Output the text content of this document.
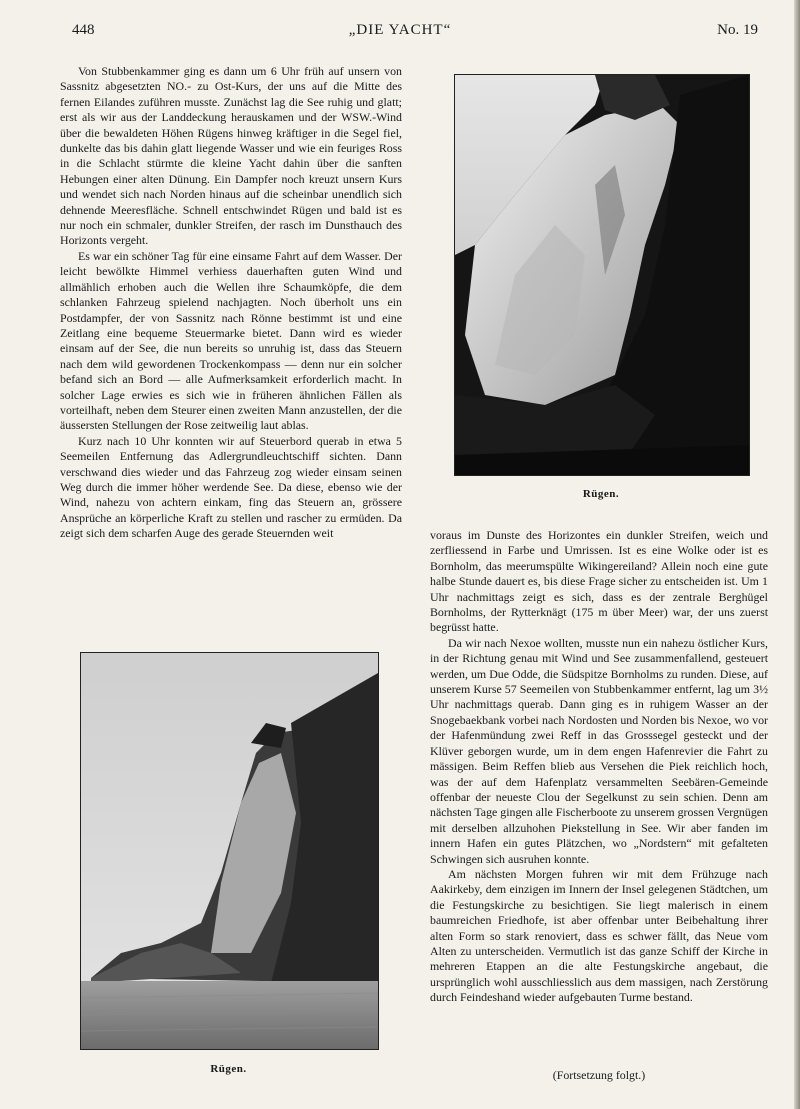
448	„DIE YACHT“	No. 19

Von Stubbenkammer ging es dann um 6 Uhr früh auf unsern von Sassnitz abgesetzten NO.- zu Ost-Kurs, der uns auf die Mitte des fernen Eilandes zuführen musste. Zunächst lag die See ruhig und glatt; erst als wir aus der Landdeckung herauskamen und der WSW.-Wind über die bewaldeten Höhen Rügens hinweg kräftiger in die Segel fiel, dunkelte das bis dahin glatt liegende Wasser und wie ein feuriges Ross in die Schlacht stürmte die kleine Yacht dahin über die sanften Hebungen einer alten Dünung. Ein Dampfer noch kreuzt unsern Kurs und wendet sich nach Norden hinaus auf die scheinbar unendlich sich dehnende Meeresfläche. Schnell entschwindet Rügen und bald ist es nur noch ein schmaler, dunkler Streifen, der rasch im Dunsthauch des Horizonts vergeht.

Es war ein schöner Tag für eine einsame Fahrt auf dem Wasser. Der leicht bewölkte Himmel verhiess dauerhaften guten Wind und allmählich erhoben auch die Wellen ihre Schaumköpfe, die dem schlanken Fahrzeug spielend nachjagten. Noch überholt uns ein Postdampfer, der von Sassnitz nach Rönne bestimmt ist und eine Zeitlang eine bequeme Steuermarke bietet. Dann wird es wieder einsam auf der See, die nun bereits so unruhig ist, dass das Steuern nach dem wild gewordenen Trockenkompass — denn nur ein solcher befand sich an Bord — alle Aufmerksamkeit erforderlich macht. In solcher Lage erwies es sich wie in früheren ähnlichen Fällen als vorteilhaft, neben dem Steurer einen zweiten Mann anzustellen, der die äussersten Stellungen der Rose zeitweilig laut ablas.

Kurz nach 10 Uhr konnten wir auf Steuerbord querab in etwa 5 Seemeilen Entfernung das Adlergrundleuchtschiff sichten. Dann verschwand dies wieder und das Fahrzeug zog wieder einsam seinen Weg durch die immer höher werdende See. Da diese, ebenso wie der Wind, nahezu von achtern einkam, fing das Steuern an, grössere Ansprüche an körperliche Kraft zu stellen und rascher zu ermüden. Da zeigt sich dem scharfen Auge des gerade Steuernden weit

Rügen.

voraus im Dunste des Horizontes ein dunkler Streifen, weich und zerfliessend in Farbe und Umrissen. Ist es eine Wolke oder ist es Bornholm, das meerumspülte Wikingereiland? Allein noch eine gute halbe Stunde dauert es, bis diese Frage sicher zu entscheiden ist. Um 1 Uhr nachmittags zeigt es sich, dass es der zentrale Berghügel Bornholms, der Rytterknägt (175 m über Meer) war, der uns zuerst begrüsst hatte.

Da wir nach Nexoe wollten, musste nun ein nahezu östlicher Kurs, in der Richtung genau mit Wind und See zusammenfallend, gesteuert werden, um Due Odde, die Südspitze Bornholms zu runden. Diese, auf unserem Kurse 57 Seemeilen von Stubbenkammer entfernt, lag um 3½ Uhr nachmittags querab. Dann ging es in ruhigem Wasser an der Snogebaekbank vorbei nach Nordosten und Norden bis Nexoe, wo vor der Hafenmündung zwei Reff in das Grosssegel gesteckt und der Klüver geborgen wurde, um in dem engen Hafenrevier die Fahrt zu mässigen. Beim Reffen blieb aus Versehen die Piek reichlich hoch, was der auf dem Hafenplatz versammelten Seebären-Gemeinde offenbar der neueste Clou der Segelkunst zu sein schien. Denn am nächsten Tage gingen alle Fischerboote zu unserem grossen Vergnügen mit derselben allzuhohen Piekstellung in See. Wir aber fanden im innern Hafen ein gutes Plätzchen, wo „Nordstern“ mit gefalteten Schwingen sich ausruhen konnte.

Am nächsten Morgen fuhren wir mit dem Frühzuge nach Aakirkeby, dem einzigen im Innern der Insel gelegenen Städtchen, um die Festungskirche zu besichtigen. Sie liegt malerisch in einem baumreichen Friedhofe, ist aber offenbar unter Beibehaltung ihrer alten Form so stark renoviert, dass es schwer fällt, das Neue vom Alten zu unterscheiden. Vermutlich ist das ganze Schiff der Kirche in mehreren Etappen an die alte Festungskirche angebaut, die ursprünglich wohl ausschliesslich aus dem massigen, nach Zerstörung durch Feindeshand wieder aufgebauten Turme bestand.

(Fortsetzung folgt.)
Rügen.
